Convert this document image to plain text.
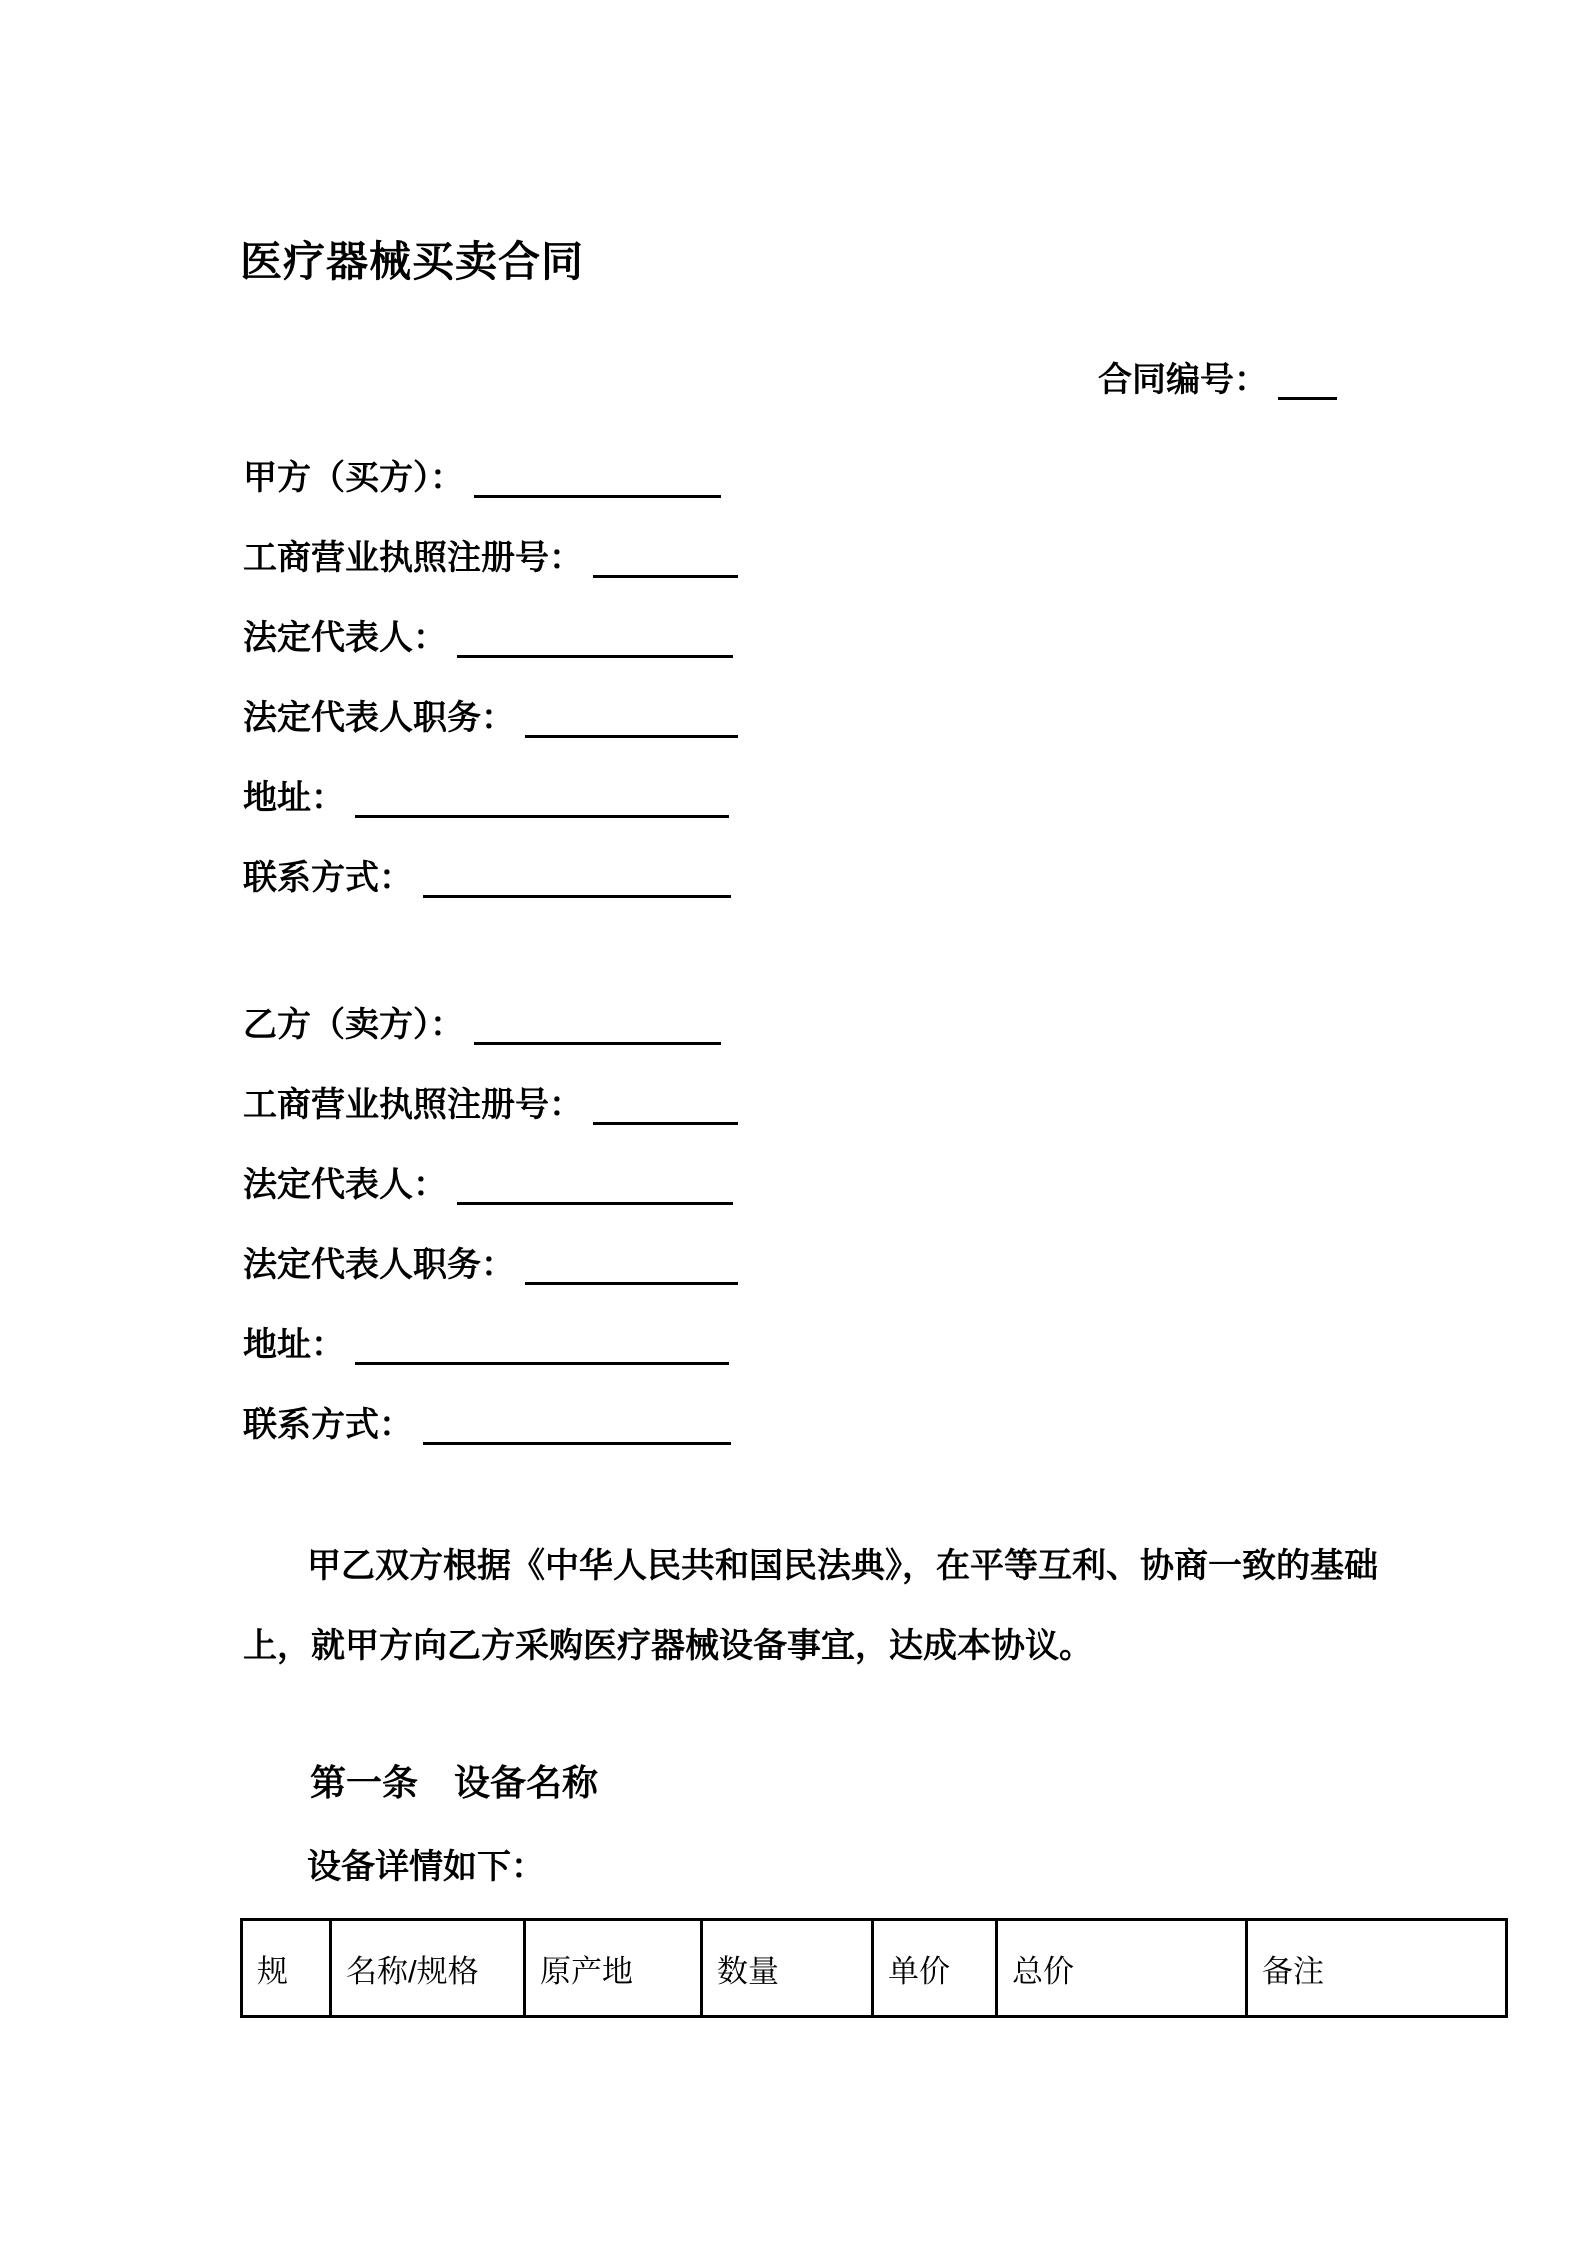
医疗器械买卖合同
合同编号：
甲方（买方）：
工商营业执照注册号：
法定代表人：
法定代表人职务：
地址：
联系方式：
乙方（卖方）：
工商营业执照注册号：
法定代表人：
法定代表人职务：
地址：
联系方式：
甲乙双方根据《中华人民共和国民法典》，在平等互利、协商一致的基础
上，就甲方向乙方采购医疗器械设备事宜，达成本协议。
第一条　设备名称
设备详情如下：
规	名称/规格	原产地	数量	单价	总价	备注
